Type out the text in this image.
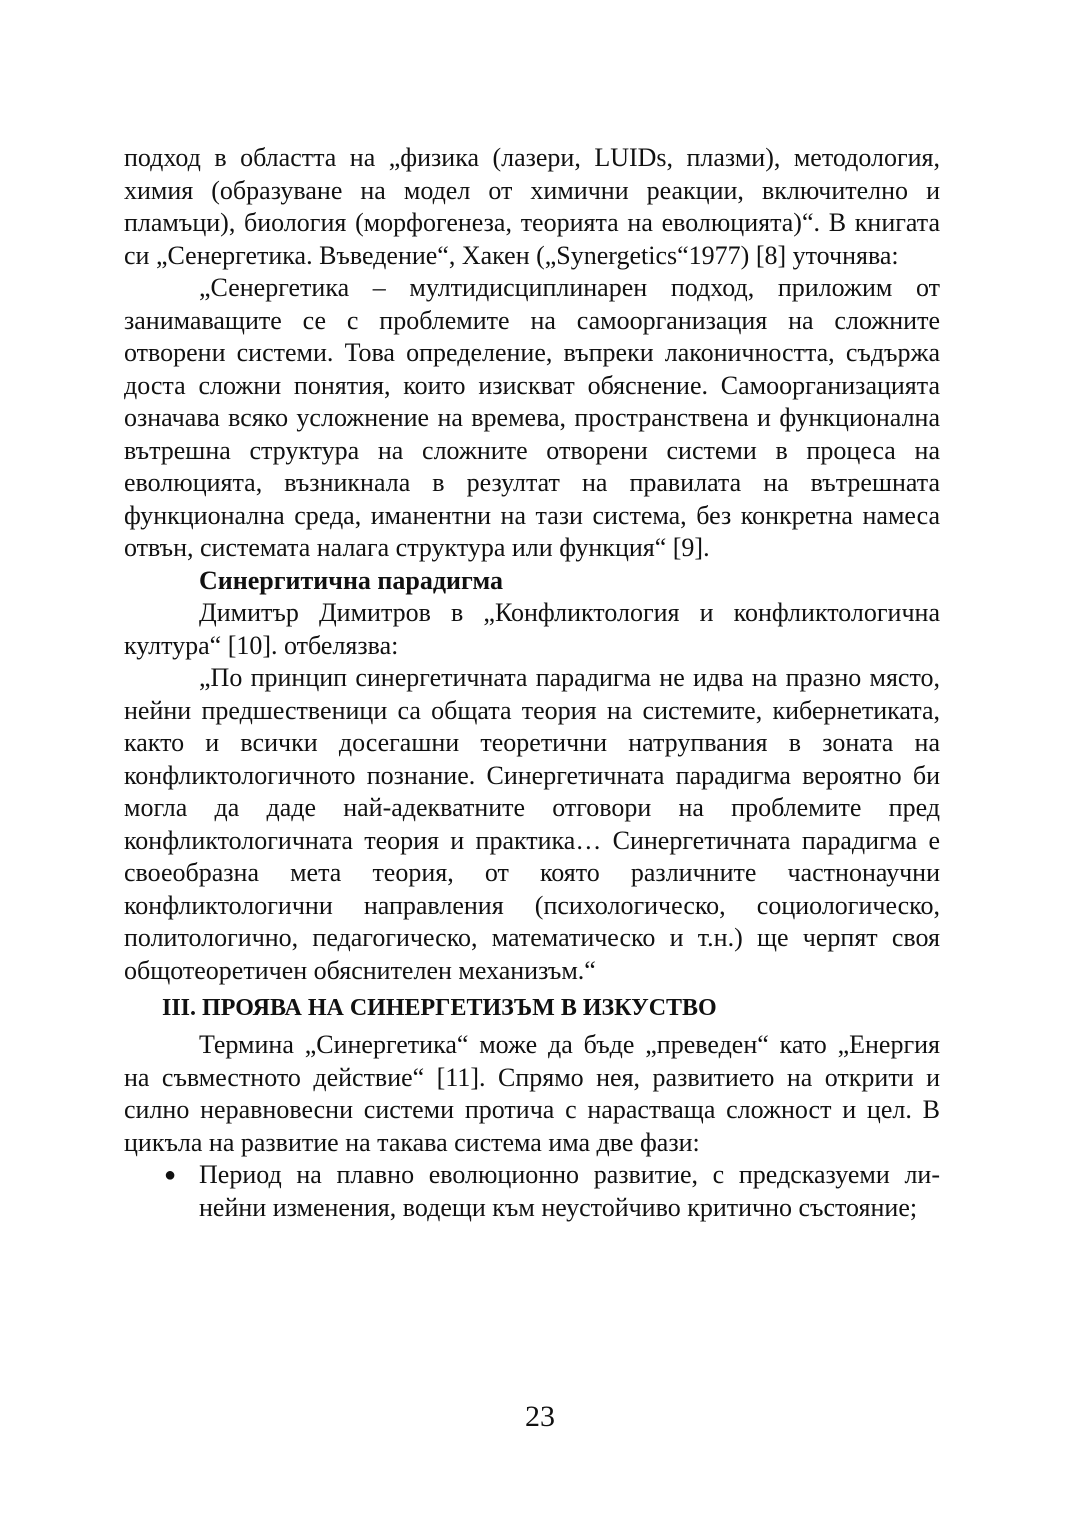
подход в областта на „физика (лазери, LUIDs, плазми), методология, химия (образуване на модел от химични реакции, включително и пламъци), биология (морфогенеза, теорията на еволюцията)“. В книгата си „Сенергетика. Въведение“, Хакен („Synergetics“1977) [8] уточнява:

„Сенергетика – мултидисциплинарен подход, приложим от занимаващите се с проблемите на самоорганизация на сложните отворени системи. Това определение, въпреки лаконичността, съдържа доста сложни понятия, които изискват обяснение. Самоорганизацията означава всяко усложнение на времева, пространствена и функционална вътрешна структура на сложните отворени системи в процеса на еволюцията, възникнала в резултат на правилата на вътрешната функционална среда, иманентни на тази система, без конкретна намеса отвън, системата налага структура или функция“ [9].

Синергитична парадигма

Димитър Димитров в „Конфликтология и конфликтологична култура“ [10]. отбелязва:

„По принцип синергетичната парадигма не идва на празно място, нейни предшественици са общата теория на системите, кибернетиката, както и всички досегашни теоретични натрупвания в зоната на конфликтологичното познание. Синергетичната парадигма вероятно би могла да даде най-адекватните отговори на проблемите пред конфликтологичната теория и практика… Синергетичната парадигма е своеобразна мета теория, от която различните частнонаучни конфликтологични направления (психологическо, социологическо, политологично, педагогическо, математическо и т.н.) ще черпят своя общотеоретичен обяснителен механизъм.“

III. ПРОЯВА НА СИНЕРГЕТИЗЪМ В ИЗКУСТВО

Термина „Синергетика“ може да бъде „преведен“ като „Енергия на съвместното действие“ [11]. Спрямо нея, развитието на открити и силно неравновесни системи протича с нарастваща сложност и цел. В цикъла на развитие на такава система има две фази:

● Период на плавно еволюционно развитие, с предсказуеми линейни изменения, водещи към неустойчиво критично състояние;
23
